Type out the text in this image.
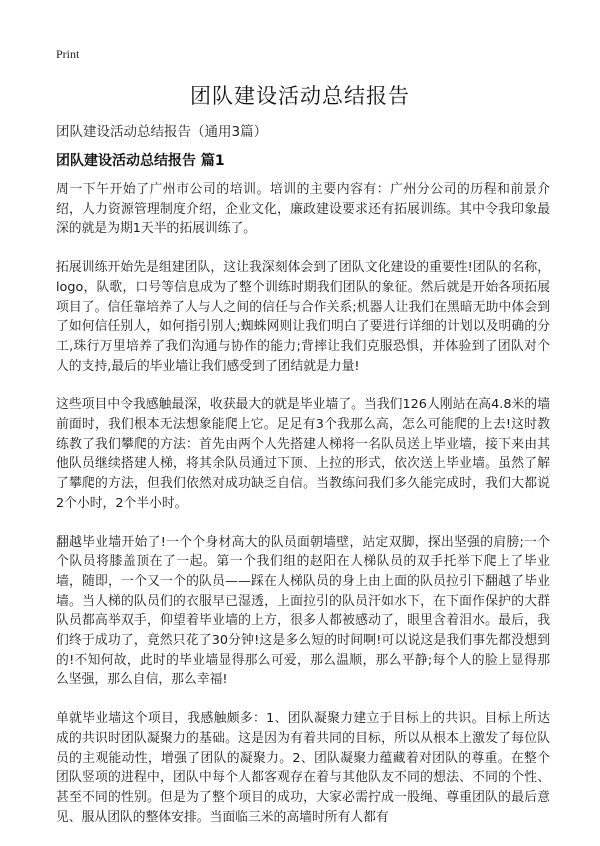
Print
团队建设活动总结报告
团队建设活动总结报告（通用3篇）
团队建设活动总结报告 篇1

周一下午开始了广州市公司的培训。培训的主要内容有：广州分公司的历程和前景介绍，人力资源管理制度介绍，企业文化，廉政建设要求还有拓展训练。其中令我印象最深的就是为期1天半的拓展训练了。

拓展训练开始先是组建团队，这让我深刻体会到了团队文化建设的重要性!团队的名称，logo，队歌，口号等信息成为了整个训练时期我们团队的象征。然后就是开始各项拓展项目了。信任靠培养了人与人之间的信任与合作关系;机器人让我们在黑暗无助中体会到了如何信任别人，如何指引别人;蜘蛛网则让我们明白了要进行详细的计划以及明确的分工,珠行万里培养了我们沟通与协作的能力;背摔让我们克服恐惧，并体验到了团队对个人的支持,最后的毕业墙让我们感受到了团结就是力量!

这些项目中令我感触最深，收获最大的就是毕业墙了。当我们126人刚站在高4.8米的墙前面时，我们根本无法想象能爬上它。足足有3个我那么高，怎么可能爬的上去!这时教练教了我们攀爬的方法：首先由两个人先搭建人梯将一名队员送上毕业墙，接下来由其他队员继续搭建人梯，将其余队员通过下顶、上拉的形式，依次送上毕业墙。虽然了解了攀爬的方法，但我们依然对成功缺乏自信。当教练问我们多久能完成时，我们大都说2个小时，2个半小时。

翻越毕业墙开始了!一个个身材高大的队员面朝墙壁，站定双脚，探出坚强的肩膀;一个个队员将膝盖顶在了一起。第一个我们组的赵阳在人梯队员的双手托举下爬上了毕业墙，随即，一个又一个的队员——踩在人梯队员的身上由上面的队员拉引下翻越了毕业墙。当人梯的队员们的衣服早已湿透，上面拉引的队员汗如水下，在下面作保护的大群队员都高举双手，仰望着毕业墙的上方，很多人都被感动了，眼里含着泪水。最后，我们终于成功了，竟然只花了30分钟!这是多么短的时间啊!可以说这是我们事先都没想到的!不知何故，此时的毕业墙显得那么可爱，那么温顺，那么平静;每个人的脸上显得那么坚强，那么自信，那么幸福!

单就毕业墙这个项目，我感触颇多：1、团队凝聚力建立于目标上的共识。目标上所达成的共识时团队凝聚力的基础。这是因为有着共同的目标，所以从根本上激发了每位队员的主观能动性，增强了团队的凝聚力。2、团队凝聚力蕴藏着对团队的尊重。在整个团队竖项的进程中，团队中每个人都客观存在着与其他队友不同的想法、不同的个性、甚至不同的性别。但是为了整个项目的成功，大家必需拧成一股绳、尊重团队的最后意见、服从团队的整体安排。当面临三米的高墙时所有人都有
